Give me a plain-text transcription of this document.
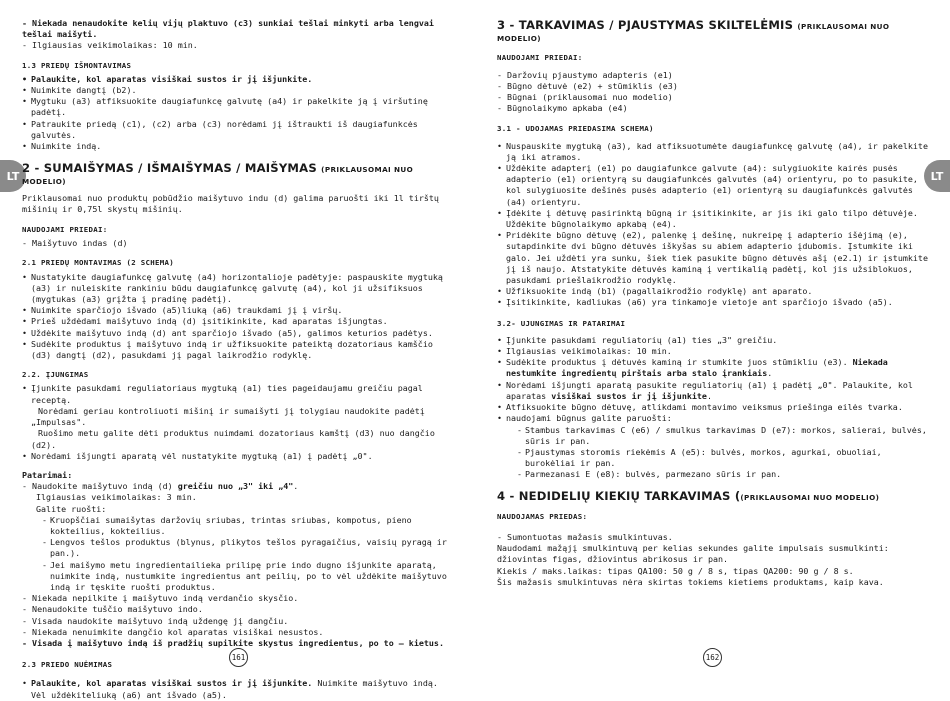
LT	LT

- Niekada nenaudokite kelių vijų plaktuvo (c3) sunkiai tešlai minkyti arba lengvai tešlai maišyti.

- Ilgiausias veikimolaikas: 10 min.

1.3 PRIEDŲ IŠMONTAVIMAS
• Palaukite, kol aparatas visiškai sustos ir jį išjunkite.
• Nuimkite dangtį (b2).
• Mygtuku (a3) atfiksuokite daugiafunkcę galvutę (a4) ir pakelkite ją į viršutinę padėtį.
• Patraukite priedą (c1), (c2) arba (c3) norėdami jį ištraukti iš daugiafunkcės galvutės.
• Nuimkite indą.
2 - SUMAIŠYMAS / IŠMAIŠYMAS / MAIŠYMAS (PRIKLAUSOMAI NUO MODELIO)

Priklausomai nuo produktų pobūdžio maišytuvo indu (d) galima paruošti iki 1l tirštų mišinių ir 0,75l skystų mišinių.

NAUDOJAMI PRIEDAI:

- Maišytuvo indas (d)

2.1 PRIEDŲ MONTAVIMAS (2 SCHEMA)
• Nustatykite daugiafunkcę galvutę (a4) horizontalioje padėtyje: paspauskite mygtuką (a3) ir nuleiskite rankiniu būdu daugiafunkcę galvutę (a4), kol ji užsifiksuos (mygtukas (a3) grįžta į pradinę padėtį).
• Nuimkite sparčiojo išvado (a5)liuką (a6) traukdami jį į viršų.
• Prieš uždėdami maišytuvo indą (d) įsitikinkite, kad aparatas išjungtas.
• Uždėkite maišytuvo indą (d) ant sparčiojo išvado (a5), galimos keturios padėtys.
• Sudėkite produktus į maišytuvo indą ir užfiksuokite pateiktą dozatoriaus kamščio (d3) dangtį (d2), pasukdami jį pagal laikrodžio rodyklę.
2.2. ĮJUNGIMAS
• Įjunkite pasukdami reguliatoriaus mygtuką (a1) ties pageidaujamu greičiu pagal receptą.
Norėdami geriau kontroliuoti mišinį ir sumaišyti jį tolygiau naudokite padėtį „Impulsas".
Ruošimo metu galite dėti produktus nuimdami dozatoriaus kamštį (d3) nuo dangčio (d2).
• Norėdami išjungti aparatą vėl nustatykite mygtuką (a1) į padėtį „0".

Patarimai:

- Naudokite maišytuvo indą (d) greičiu nuo „3" iki „4".

Ilgiausias veikimolaikas: 3 min.

Galite ruošti:

- Kruopščiai sumaišytas daržovių sriubas, trintas sriubas, kompotus, pieno kokteilius, kokteilius.

- Lengvos tešlos produktus (blynus, plikytos tešlos pyragaičius, vaisių pyragą ir pan.).

- Jei maišymo metu ingredientailieka prilipę prie indo dugno išjunkite aparatą, nuimkite indą, nustumkite ingredientus ant peilių, po to vėl uždėkite maišytuvo indą ir tęskite ruošti produktus.

- Niekada nepilkite į maišytuvo indą verdančio skysčio.

- Nenaudokite tuščio maišytuvo indo.

- Visada naudokite maišytuvo indą uždengę jį dangčiu.

- Niekada nenuimkite dangčio kol aparatas visiškai nesustos.

- Visada į maišytuvo indą iš pradžių supilkite skystus ingredientus, po to – kietus.

2.3 PRIEDO NUĖMIMAS
• Palaukite, kol aparatas visiškai sustos ir jį išjunkite. Nuimkite maišytuvo indą. Vėl uždėkiteliuką (a6) ant išvado (a5).
3 - TARKAVIMAS / PJAUSTYMAS SKILTELĖMIS (PRIKLAUSOMAI NUO MODELIO)
NAUDOJAMI PRIEDAI:

- Daržovių pjaustymo adapteris (e1)

- Būgno dėtuvė (e2) + stūmiklis (e3)

- Būgnai (priklausomai nuo modelio)

- Būgnolaikymo apkaba (e4)

3.1 - UDOJAMAS PRIEDASIMA SCHEMA)
• Nuspauskite mygtuką (a3), kad atfiksuotumėte daugiafunkcę galvutę (a4), ir pakelkite ją iki atramos.
• Uždėkite adapterį (e1) po daugiafunkce galvute (a4): sulygiuokite kairės pusės adapterio (e1) orientyrą su daugiafunkcės galvutės (a4) orientyru, po to pasukite, kol sulygiuosite dešinės pusės adapterio (e1) orientyrą su daugiafunkcės galvutės (a4) orientyru.
• Įdėkite į dėtuvę pasirinktą būgną ir įsitikinkite, ar jis iki galo tilpo dėtuvėje. Uždėkite būgnolaikymo apkabą (e4).
• Pridėkite būgno dėtuvę (e2), palenkę į dešinę, nukreipę į adapterio išėjimą (e), sutapdinkite dvi būgno dėtuvės iškyšas su abiem adapterio įdubomis. Įstumkite iki galo. Jei uždėti yra sunku, šiek tiek pasukite būgno dėtuvės ašį (e2.1) ir įstumkite jį iš naujo. Atstatykite dėtuvės kaminą į vertikalią padėtį, kol jis užsiblokuos, pasukdami priešlaikrodžio rodyklę.
• Užfiksuokite indą (b1) (pagallaikrodžio rodyklę) ant aparato.
• Įsitikinkite, kadliukas (a6) yra tinkamoje vietoje ant sparčiojo išvado (a5).
3.2- UJUNGIMAS IR PATARIMAI
• Įjunkite pasukdami reguliatorių (a1) ties „3" greičiu.
• Ilgiausias veikimolaikas: 10 min.
• Sudėkite produktus į dėtuvės kaminą ir stumkite juos stūmikliu (e3). Niekada nestumkite ingredientų pirštais arba stalo įrankiais.
• Norėdami išjungti aparatą pasukite reguliatorių (a1) į padėtį „0". Palaukite, kol aparatas visiškai sustos ir jį išjunkite.
• Atfiksuokite būgno dėtuvę, atlikdami montavimo veiksmus priešinga eilės tvarka.
• naudojami būgnus galite paruošti:

- Stambus tarkavimas C (e6) / smulkus tarkavimas D (e7): morkos, salierai, bulvės, sūris ir pan.

- Pjaustymas storomis riekėmis A (e5): bulvės, morkos, agurkai, obuoliai, burokėliai ir pan.

- Parmezanasi E (e8): bulvės, parmezano sūris ir pan.

4 - NEDIDELIŲ KIEKIŲ TARKAVIMAS ((PRIKLAUSOMAI NUO MODELIO)
NAUDOJAMAS PRIEDAS:

- Sumontuotas mažasis smulkintuvas.

Naudodami mažąjį smulkintuvą per kelias sekundes galite impulsais susmulkinti: džiovintas figas, džiovintus abrikosus ir pan.

Kiekis / maks.laikas: tipas QA100: 50 g / 8 s, tipas QA200: 90 g / 8 s.

Šis mažasis smulkintuvas nėra skirtas tokiems kietiems produktams, kaip kava.

161	162
